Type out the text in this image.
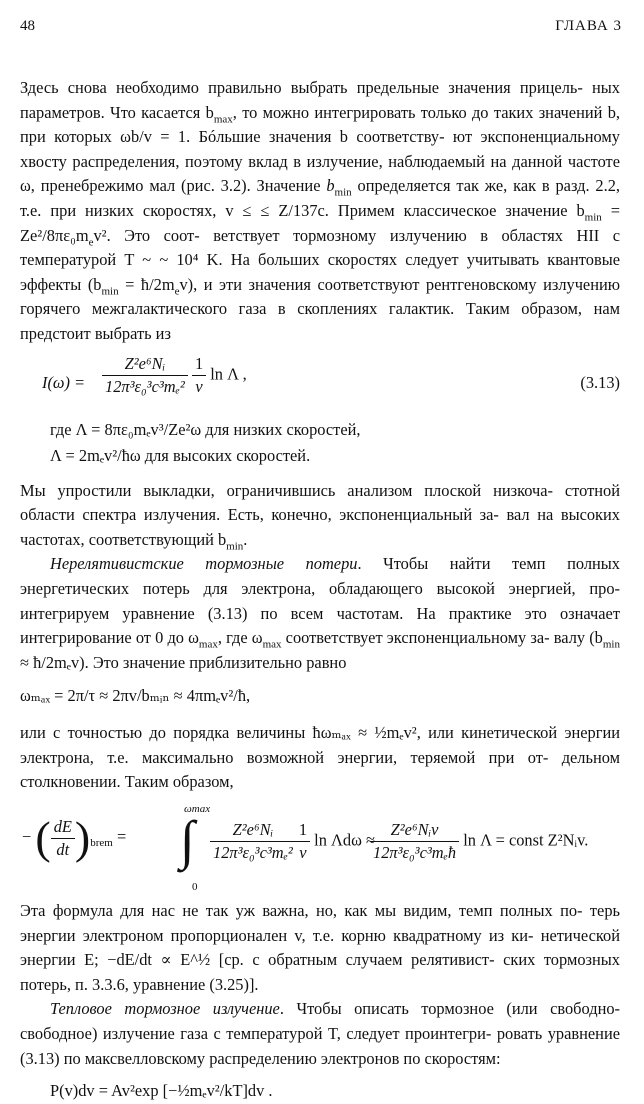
48	ГЛАВА 3

Здесь снова необходимо правильно выбрать предельные значения прицель- ных параметров. Что касается $b_{max}$, то можно интегрировать только до таких значений b, при которых ωb/v = 1. Бóльшие значения b соответству- ют экспоненциальному хвосту распределения, поэтому вклад в излучение, наблюдаемый на данной частоте ω, пренебрежимо мал (рис. 3.2). Значение $b_{min}$ определяется так же, как в разд. 2.2, т.е. при низких скоростях, v ≤ ≤ Z/137c. Примем классическое значение $b_{min} = Ze^2/8\pi\varepsilon_0m_ev^2$. Это соот- ветствует тормозному излучению в областях HII с температурой T ~ ~ 10⁴ K. На больших скоростях следует учитывать квантовые эффекты ($b_{min}$ = $ħ/2m_ev$), и эти значения соответствуют рентгеновскому излучению горячего межгалактического газа в скоплениях галактик. Таким образом, нам предстоит выбрать из

$I(\omega) = \frac{\text{Z²e⁶Nᵢ}}{\text{12π³ε₀³c³mₑ²}}$
$\frac{1}{v}$ ln Λ ,	(3.13)
где Λ = 8πε₀mₑv³/Ze²ω для низких скоростей,
Λ = 2mₑv²/ħω для высоких скоростей.

Мы упростили выкладки, ограничившись анализом плоской низкоча- стотной области спектра излучения. Есть, конечно, экспоненциальный за- вал на высоких частотах, соответствующий $b_{min}$.

Нерелятивистские тормозные потери. Чтобы найти темп полных энергетических потерь для электрона, обладающего высокой энергией, про- интегрируем уравнение (3.13) по всем частотам. На практике это означает интегрирование от 0 до $\omega_{max}$, где $\omega_{max}$ соответствует экспоненциальному за- валу ($b_{min}$ ≈ ħ/2mₑv). Это значение приблизительно равно

ωₘₐₓ = 2π/τ ≈ 2πv/bₘᵢₙ ≈ 4πmₑv²/ħ,

или с точностью до порядка величины ħωₘₐₓ ≈ ½mₑv², или кинетической энергии электрона, т.е. максимально возможной энергии, теряемой при от- дельном столкновении. Таким образом,

− ( $\frac{dE}{dt} )_{brem}$ =
ωmax
∫
0
$\frac{\text{Z²e⁶Nᵢ}}{\text{12π³ε₀³c³mₑ²}} \frac{1}{v}$ ln Λdω ≈
$\frac{\text{Z²e⁶Nᵢv}}{\text{12π³ε₀³c³mₑħ}}$ ln Λ = const Z²Nᵢv.

Эта формула для нас не так уж важна, но, как мы видим, темп полных по- терь энергии электроном пропорционален v, т.е. корню квадратному из ки- нетической энергии E; −dE/dt ∝ E^½ [ср. с обратным случаем релятивист- ских тормозных потерь, п. 3.3.6, уравнение (3.25)].

Тепловое тормозное излучение. Чтобы описать тормозное (или свободно-свободное) излучение газа с температурой T, следует проинтегри- ровать уравнение (3.13) по максвелловскому распределению электронов по скоростям:

P(v)dv = Av²exp [−½mₑv²/kT]dv .
